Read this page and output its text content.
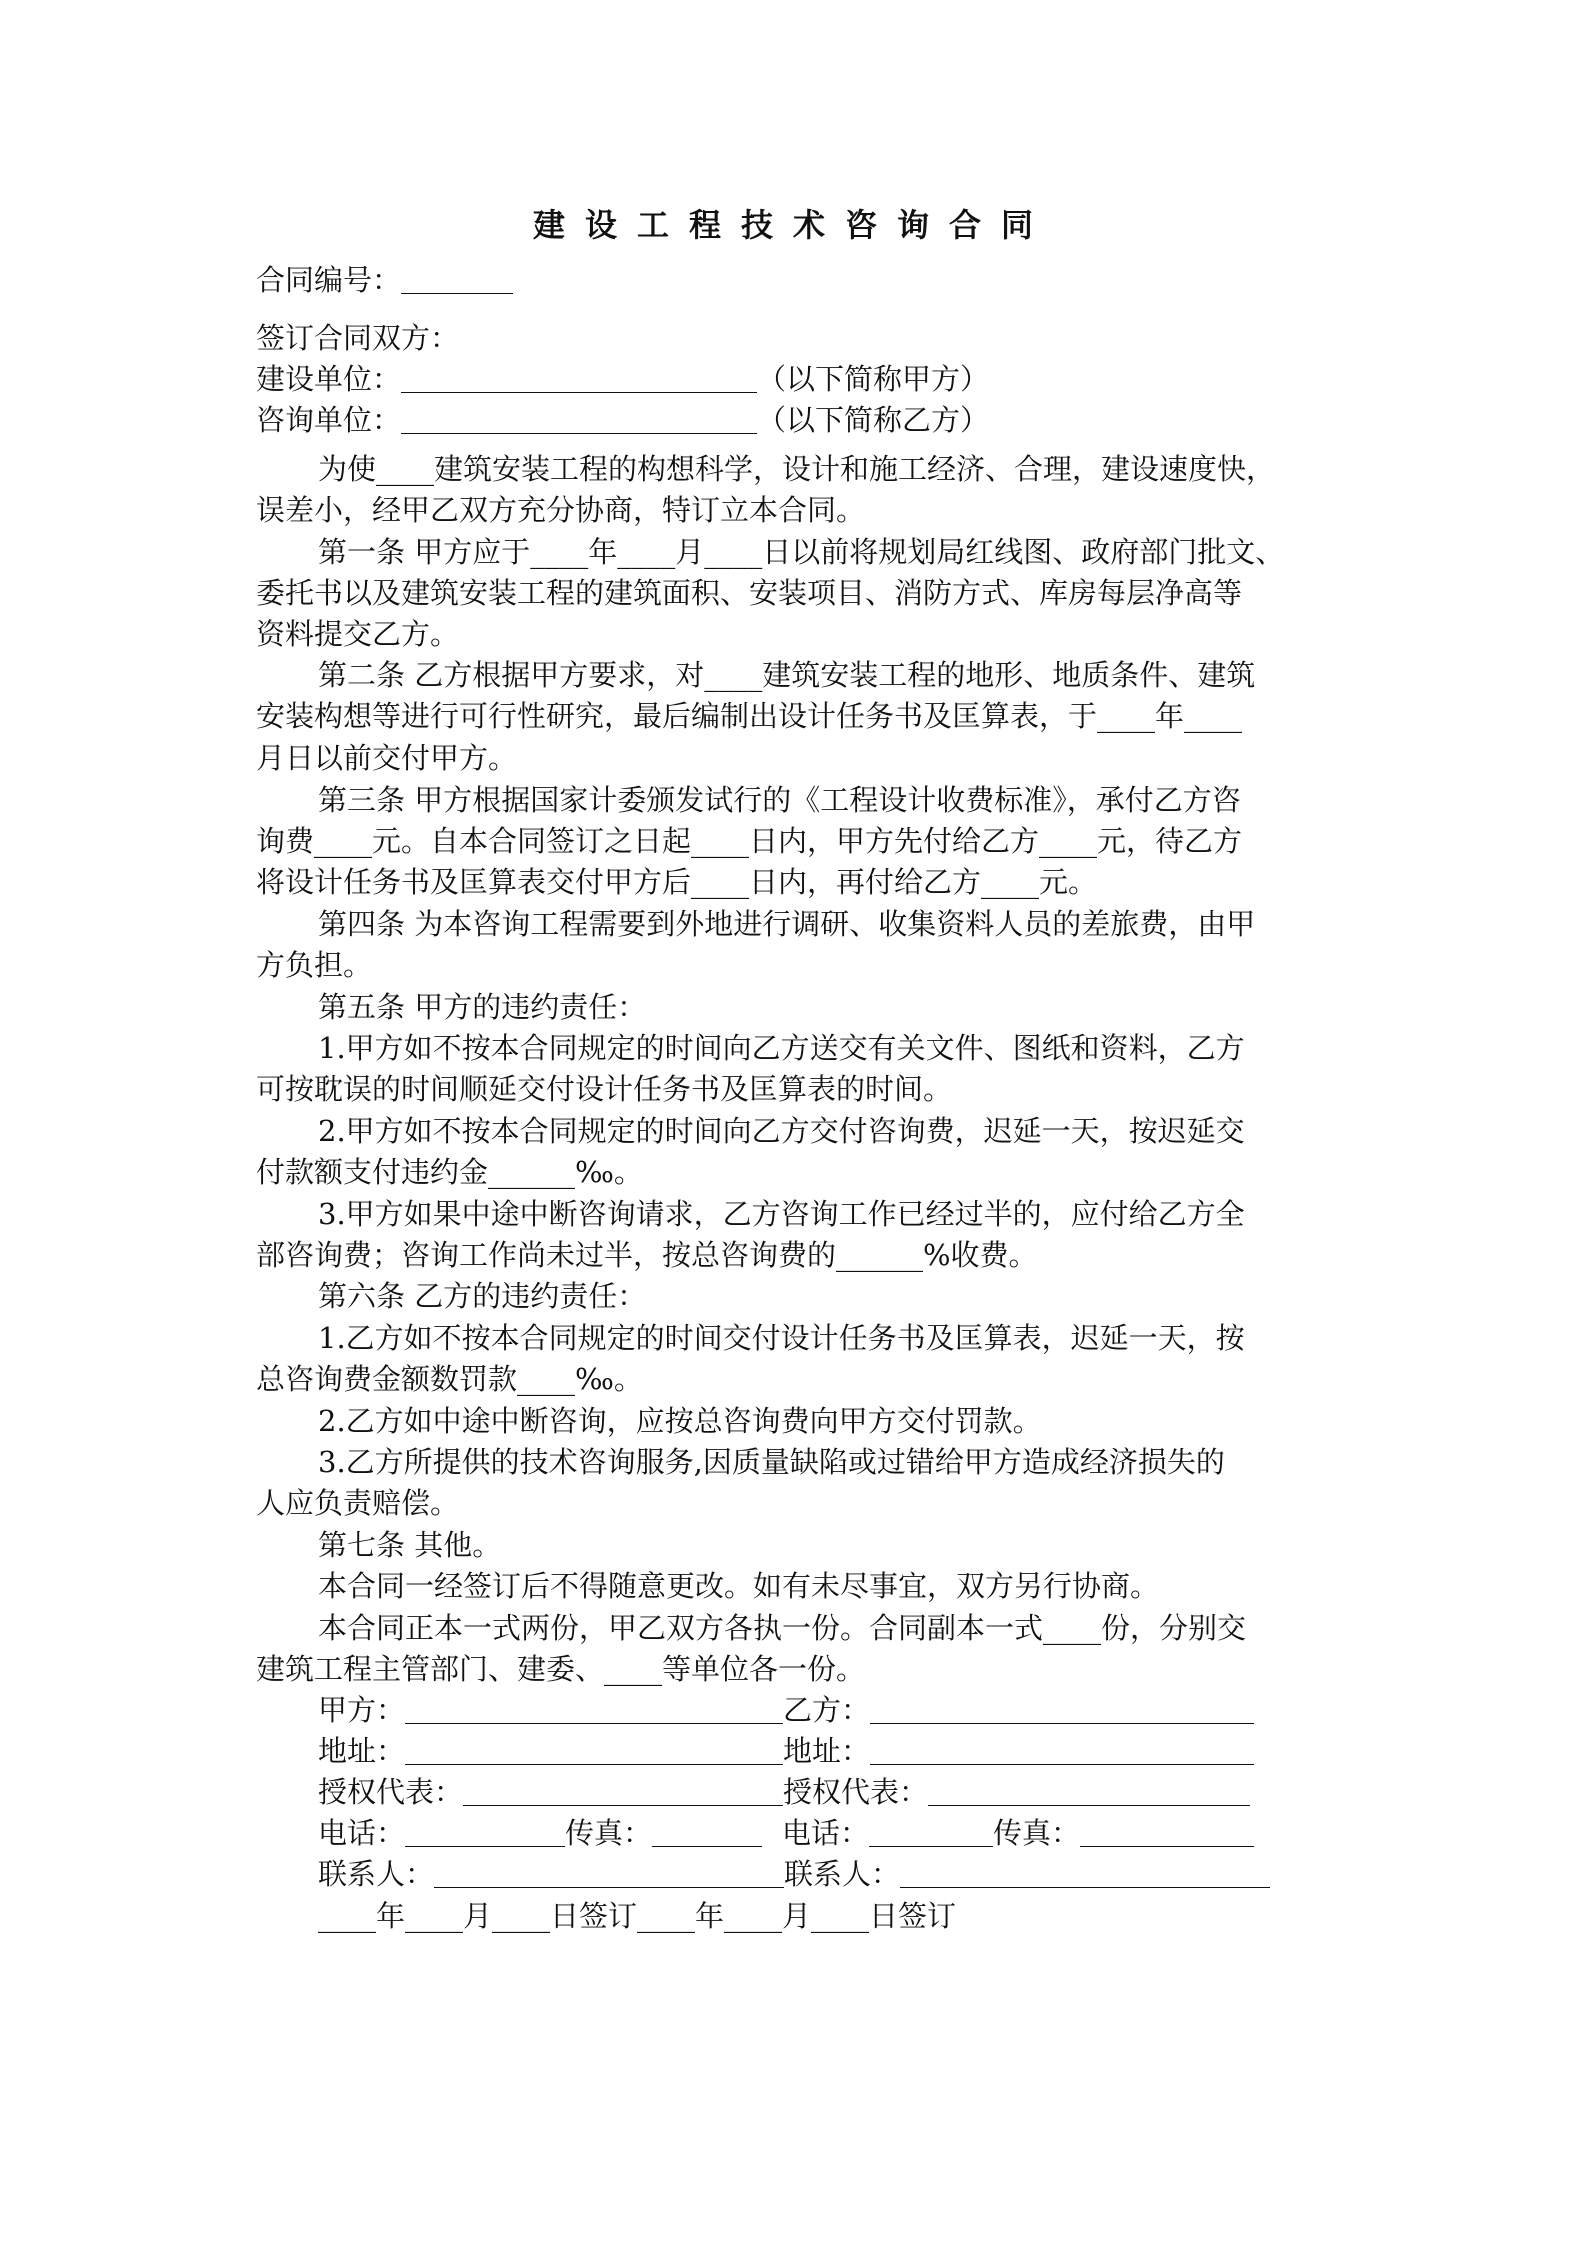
建设工程技术咨询合同
合同编号：
签订合同双方：
建设单位：	（以下简称甲方）
咨询单位：	（以下简称乙方）
为使____建筑安装工程的构想科学，设计和施工经济、合理，建设速度快，
误差小，经甲乙双方充分协商，特订立本合同。
第一条 甲方应于____年____月____日以前将规划局红线图、政府部门批文、
委托书以及建筑安装工程的建筑面积、安装项目、消防方式、库房每层净高等
资料提交乙方。
第二条 乙方根据甲方要求，对____建筑安装工程的地形、地质条件、建筑
安装构想等进行可行性研究，最后编制出设计任务书及匡算表，于____年____
月日以前交付甲方。
第三条 甲方根据国家计委颁发试行的《工程设计收费标准》，承付乙方咨
询费____元。自本合同签订之日起____日内，甲方先付给乙方____元，待乙方
将设计任务书及匡算表交付甲方后____日内，再付给乙方____元。
第四条 为本咨询工程需要到外地进行调研、收集资料人员的差旅费，由甲
方负担。
第五条 甲方的违约责任：
1.甲方如不按本合同规定的时间向乙方送交有关文件、图纸和资料，乙方
可按耽误的时间顺延交付设计任务书及匡算表的时间。
2.甲方如不按本合同规定的时间向乙方交付咨询费，迟延一天，按迟延交
付款额支付违约金______‰。
3.甲方如果中途中断咨询请求，乙方咨询工作已经过半的，应付给乙方全
部咨询费；咨询工作尚未过半，按总咨询费的______%收费。
第六条 乙方的违约责任：
1.乙方如不按本合同规定的时间交付设计任务书及匡算表，迟延一天，按
总咨询费金额数罚款____‰。
2.乙方如中途中断咨询，应按总咨询费向甲方交付罚款。
3.乙方所提供的技术咨询服务,因质量缺陷或过错给甲方造成经济损失的
人应负责赔偿。
第七条 其他。
本合同一经签订后不得随意更改。如有未尽事宜，双方另行协商。
本合同正本一式两份，甲乙双方各执一份。合同副本一式____份，分别交
建筑工程主管部门、建委、____等单位各一份。
甲方：	乙方：
地址：	地址：
授权代表：	授权代表：
电话：	传真：	电话：	传真：
联系人：	联系人：
____年____月____日签订____年____月____日签订
